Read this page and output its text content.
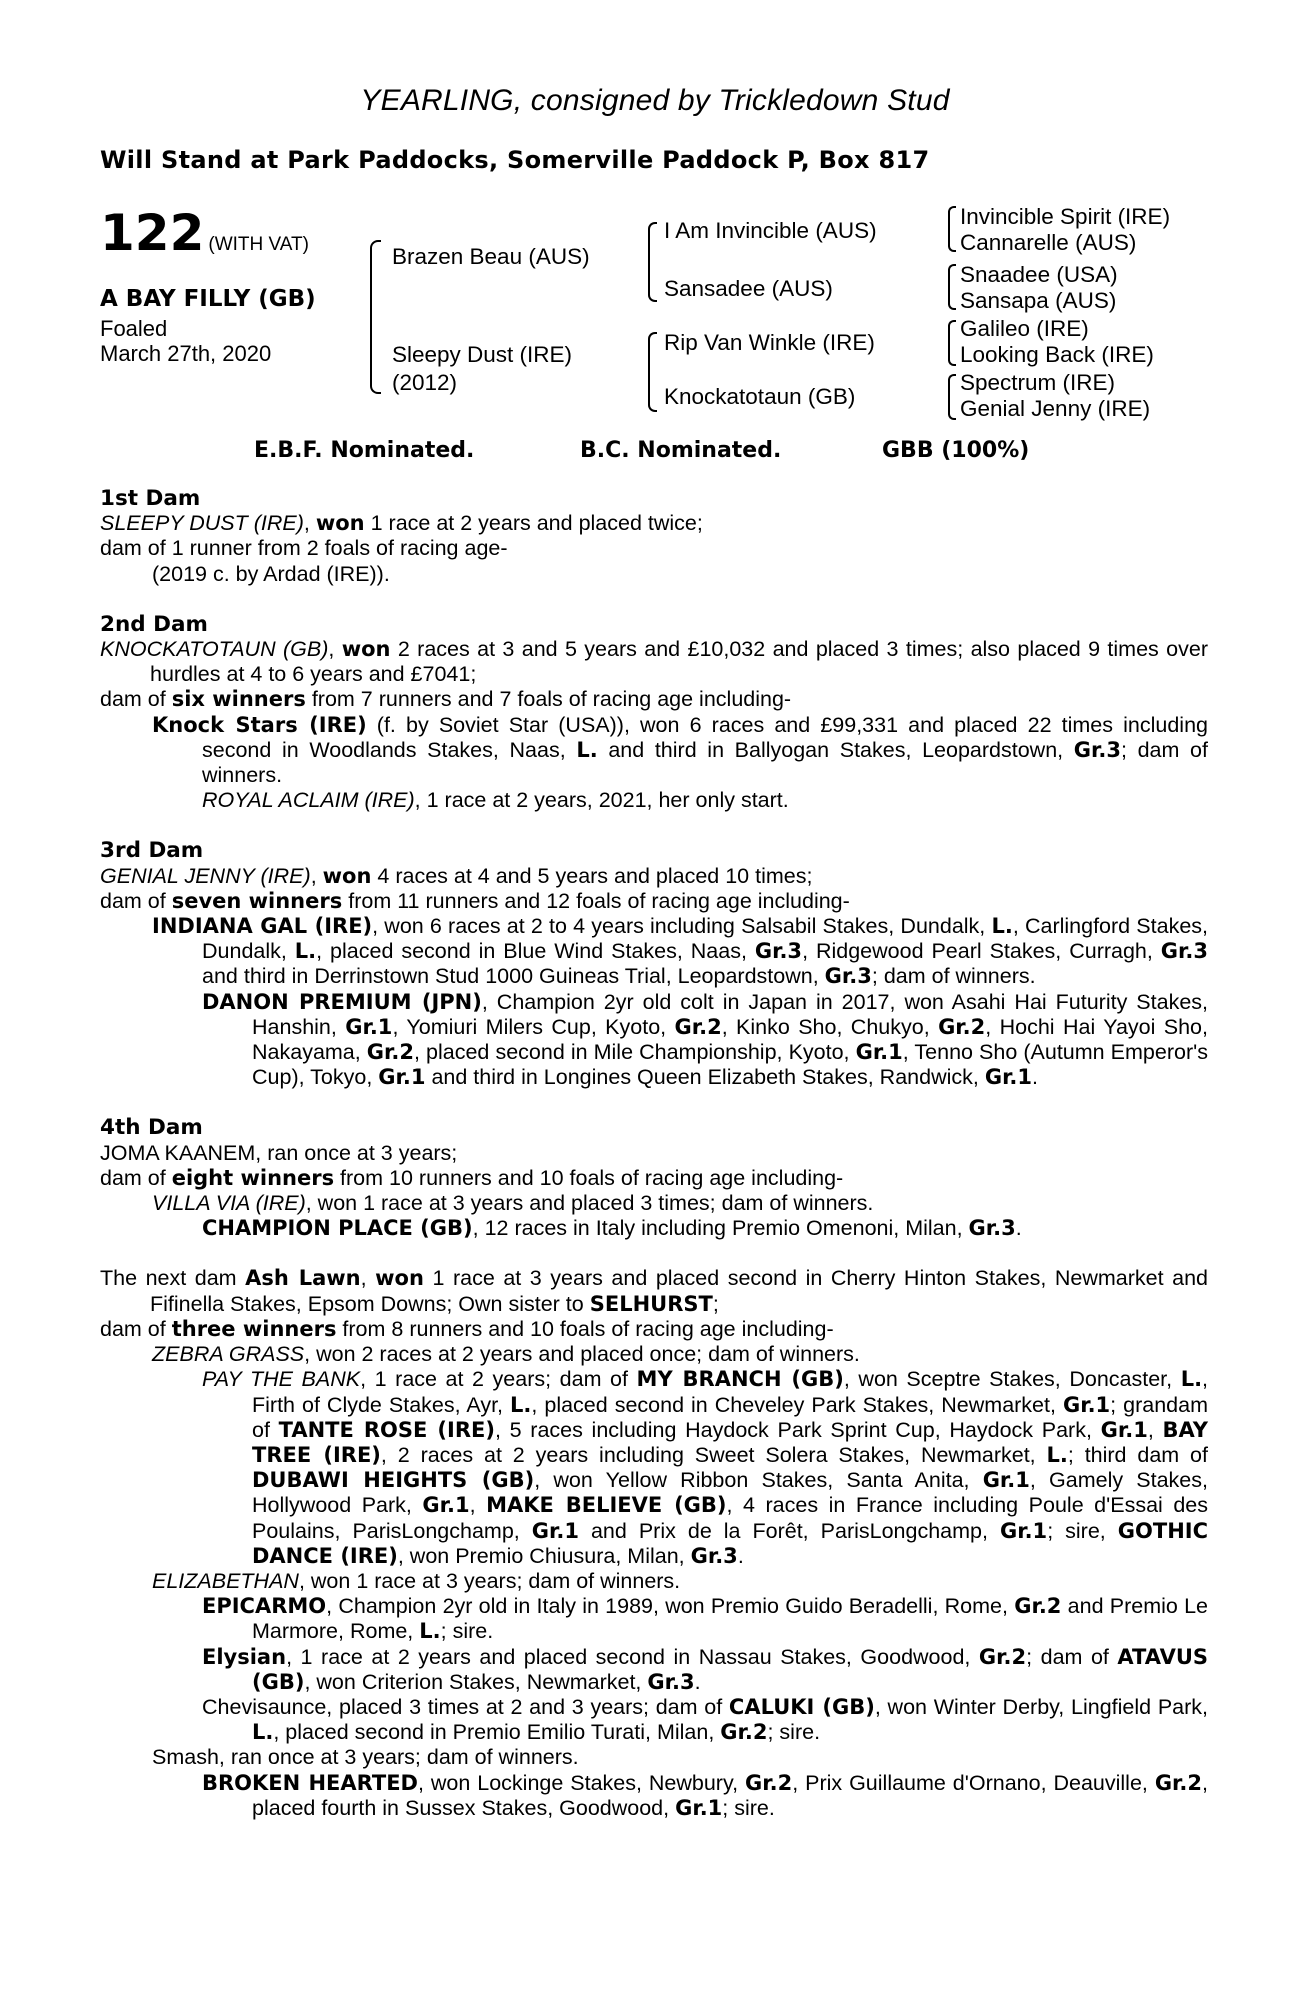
YEARLING, consigned by Trickledown Stud
Will Stand at Park Paddocks, Somerville Paddock P, Box 817
122 (WITH VAT)
A BAY FILLY (GB)
Foaled
March 27th, 2020
Brazen Beau (AUS)
Sleepy Dust (IRE)
(2012)
I Am Invincible (AUS)
Sansadee (AUS)
Rip Van Winkle (IRE)
Knockatotaun (GB)
Invincible Spirit (IRE)
Cannarelle (AUS)
Snaadee (USA)
Sansapa (AUS)
Galileo (IRE)
Looking Back (IRE)
Spectrum (IRE)
Genial Jenny (IRE)
E.B.F. Nominated.	B.C. Nominated.	GBB (100%)
1st Dam
SLEEPY DUST (IRE), won 1 race at 2 years and placed twice;
dam of 1 runner from 2 foals of racing age-
(2019 c. by Ardad (IRE)).
2nd Dam
KNOCKATOTAUN (GB), won 2 races at 3 and 5 years and £10,032 and placed 3 times; also placed 9 times over hurdles at 4 to 6 years and £7041;
dam of six winners from 7 runners and 7 foals of racing age including-
Knock Stars (IRE) (f. by Soviet Star (USA)), won 6 races and £99,331 and placed 22 times including second in Woodlands Stakes, Naas, L. and third in Ballyogan Stakes, Leopardstown, Gr.3; dam of winners.
ROYAL ACLAIM (IRE), 1 race at 2 years, 2021, her only start.
3rd Dam
GENIAL JENNY (IRE), won 4 races at 4 and 5 years and placed 10 times;
dam of seven winners from 11 runners and 12 foals of racing age including-
INDIANA GAL (IRE), won 6 races at 2 to 4 years including Salsabil Stakes, Dundalk, L., Carlingford Stakes, Dundalk, L., placed second in Blue Wind Stakes, Naas, Gr.3, Ridgewood Pearl Stakes, Curragh, Gr.3 and third in Derrinstown Stud 1000 Guineas Trial, Leopardstown, Gr.3; dam of winners.
DANON PREMIUM (JPN), Champion 2yr old colt in Japan in 2017, won Asahi Hai Futurity Stakes, Hanshin, Gr.1, Yomiuri Milers Cup, Kyoto, Gr.2, Kinko Sho, Chukyo, Gr.2, Hochi Hai Yayoi Sho, Nakayama, Gr.2, placed second in Mile Championship, Kyoto, Gr.1, Tenno Sho (Autumn Emperor's Cup), Tokyo, Gr.1 and third in Longines Queen Elizabeth Stakes, Randwick, Gr.1.
4th Dam
JOMA KAANEM, ran once at 3 years;
dam of eight winners from 10 runners and 10 foals of racing age including-
VILLA VIA (IRE), won 1 race at 3 years and placed 3 times; dam of winners.
CHAMPION PLACE (GB), 12 races in Italy including Premio Omenoni, Milan, Gr.3.
The next dam Ash Lawn, won 1 race at 3 years and placed second in Cherry Hinton Stakes, Newmarket and Fifinella Stakes, Epsom Downs; Own sister to SELHURST;
dam of three winners from 8 runners and 10 foals of racing age including-
ZEBRA GRASS, won 2 races at 2 years and placed once; dam of winners.
PAY THE BANK, 1 race at 2 years; dam of MY BRANCH (GB), won Sceptre Stakes, Doncaster, L., Firth of Clyde Stakes, Ayr, L., placed second in Cheveley Park Stakes, Newmarket, Gr.1; grandam of TANTE ROSE (IRE), 5 races including Haydock Park Sprint Cup, Haydock Park, Gr.1, BAY TREE (IRE), 2 races at 2 years including Sweet Solera Stakes, Newmarket, L.; third dam of DUBAWI HEIGHTS (GB), won Yellow Ribbon Stakes, Santa Anita, Gr.1, Gamely Stakes, Hollywood Park, Gr.1, MAKE BELIEVE (GB), 4 races in France including Poule d'Essai des Poulains, ParisLongchamp, Gr.1 and Prix de la Forêt, ParisLongchamp, Gr.1; sire, GOTHIC DANCE (IRE), won Premio Chiusura, Milan, Gr.3.
ELIZABETHAN, won 1 race at 3 years; dam of winners.
EPICARMO, Champion 2yr old in Italy in 1989, won Premio Guido Beradelli, Rome, Gr.2 and Premio Le Marmore, Rome, L.; sire.
Elysian, 1 race at 2 years and placed second in Nassau Stakes, Goodwood, Gr.2; dam of ATAVUS (GB), won Criterion Stakes, Newmarket, Gr.3.
Chevisaunce, placed 3 times at 2 and 3 years; dam of CALUKI (GB), won Winter Derby, Lingfield Park, L., placed second in Premio Emilio Turati, Milan, Gr.2; sire.
Smash, ran once at 3 years; dam of winners.
BROKEN HEARTED, won Lockinge Stakes, Newbury, Gr.2, Prix Guillaume d'Ornano, Deauville, Gr.2, placed fourth in Sussex Stakes, Goodwood, Gr.1; sire.
